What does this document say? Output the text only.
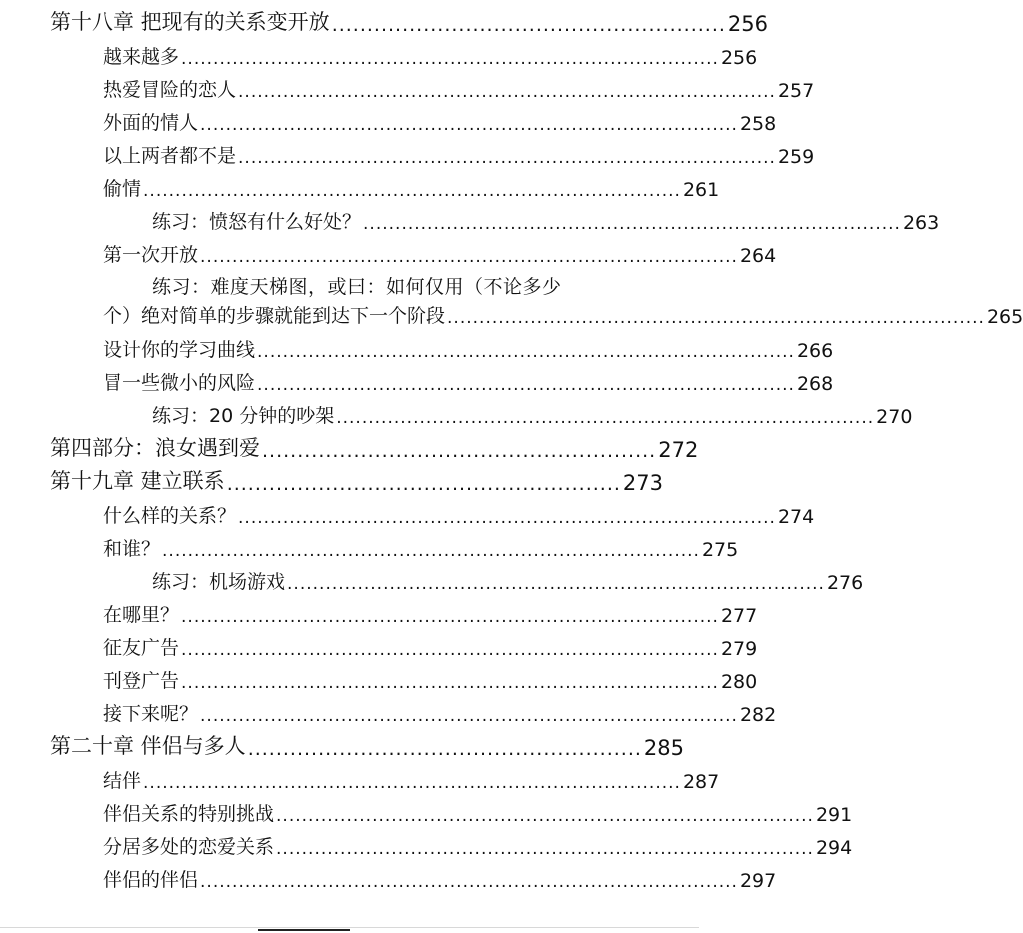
第十八章 把现有的关系变开放 ........................................................ 256
越来越多 .................................................................................... 256
热爱冒险的恋人 .................................................................................... 257
外面的情人 .................................................................................... 258
以上两者都不是 .................................................................................... 259
偷情 .................................................................................... 261
练习：愤怒有什么好处？ .................................................................................... 263
第一次开放 .................................................................................... 264
练习：难度天梯图，或曰：如何仅用（不论多少
个）绝对简单的步骤就能到达下一个阶段 .................................................................................... 265
设计你的学习曲线 .................................................................................... 266
冒一些微小的风险 .................................................................................... 268
练习：20 分钟的吵架 .................................................................................... 270
第四部分：浪女遇到爱 ........................................................ 272
第十九章 建立联系 ........................................................ 273
什么样的关系？ .................................................................................... 274
和谁？ .................................................................................... 275
练习：机场游戏 .................................................................................... 276
在哪里？ .................................................................................... 277
征友广告 .................................................................................... 279
刊登广告 .................................................................................... 280
接下来呢？ .................................................................................... 282
第二十章 伴侣与多人 ........................................................ 285
结伴 .................................................................................... 287
伴侣关系的特别挑战 .................................................................................... 291
分居多处的恋爱关系 .................................................................................... 294
伴侣的伴侣 .................................................................................... 297
